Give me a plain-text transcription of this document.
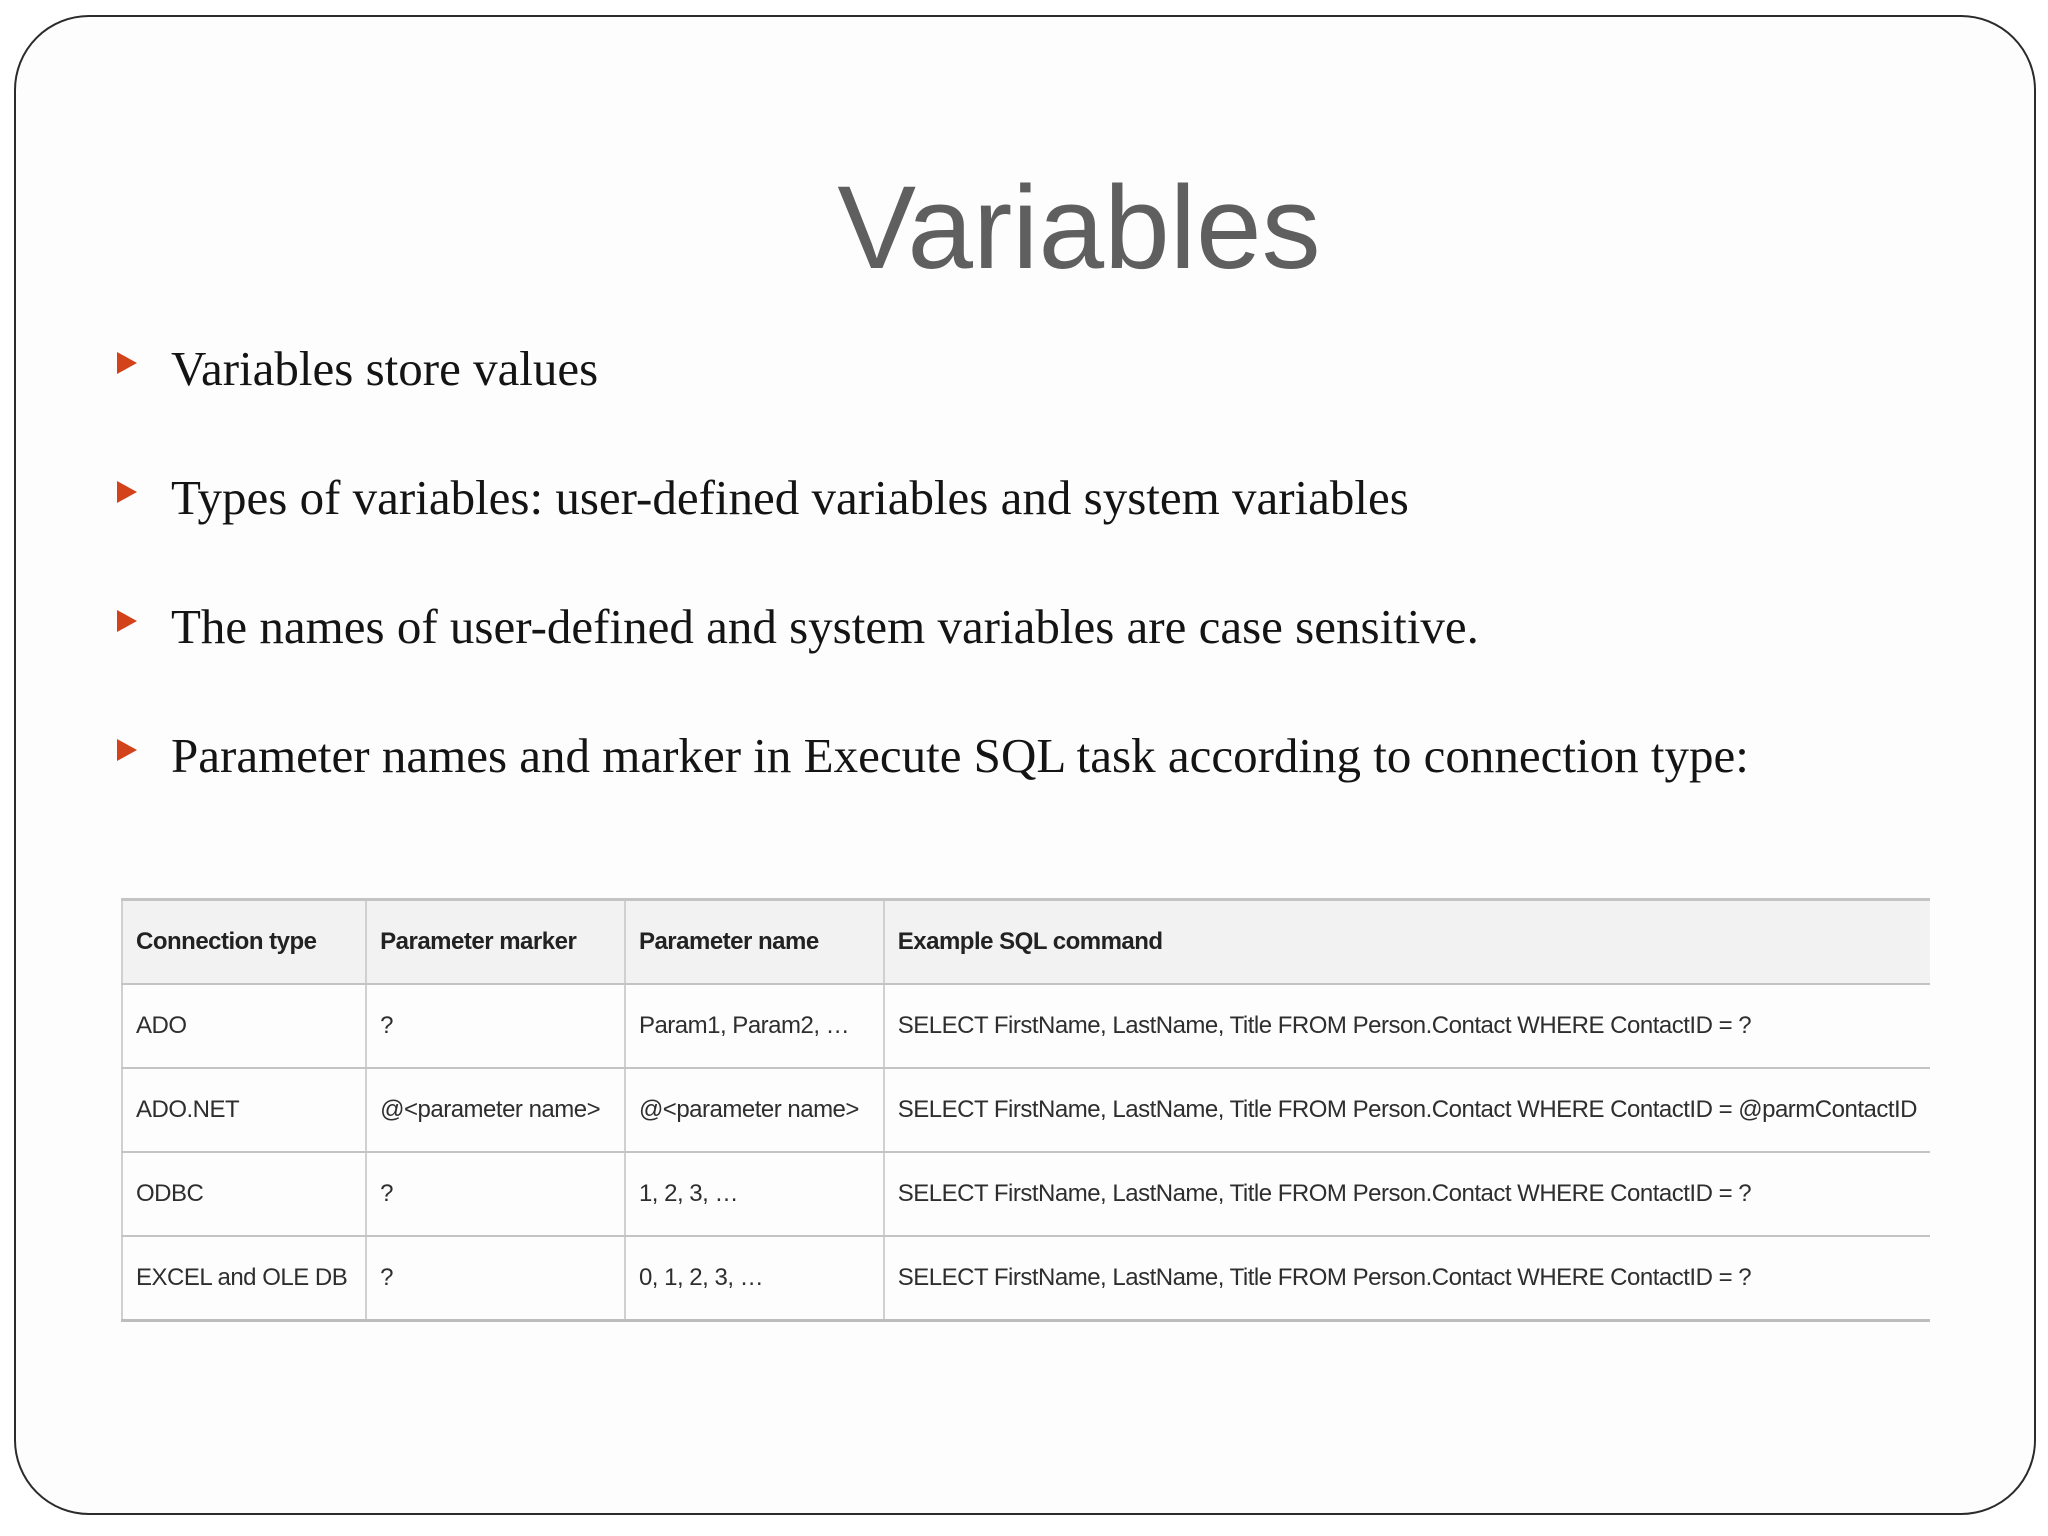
Variables
Variables store values
Types of variables: user-defined variables and system variables
The names of user-defined and system variables are case sensitive.
Parameter names and marker in Execute SQL task according to connection type:
Connection type	Parameter marker	Parameter name	Example SQL command
ADO	?	Param1, Param2, …	SELECT FirstName, LastName, Title FROM Person.Contact WHERE ContactID = ?
ADO.NET	@<parameter name>	@<parameter name>	SELECT FirstName, LastName, Title FROM Person.Contact WHERE ContactID = @parmContactID
ODBC	?	1, 2, 3, …	SELECT FirstName, LastName, Title FROM Person.Contact WHERE ContactID = ?
EXCEL and OLE DB	?	0, 1, 2, 3, …	SELECT FirstName, LastName, Title FROM Person.Contact WHERE ContactID = ?
